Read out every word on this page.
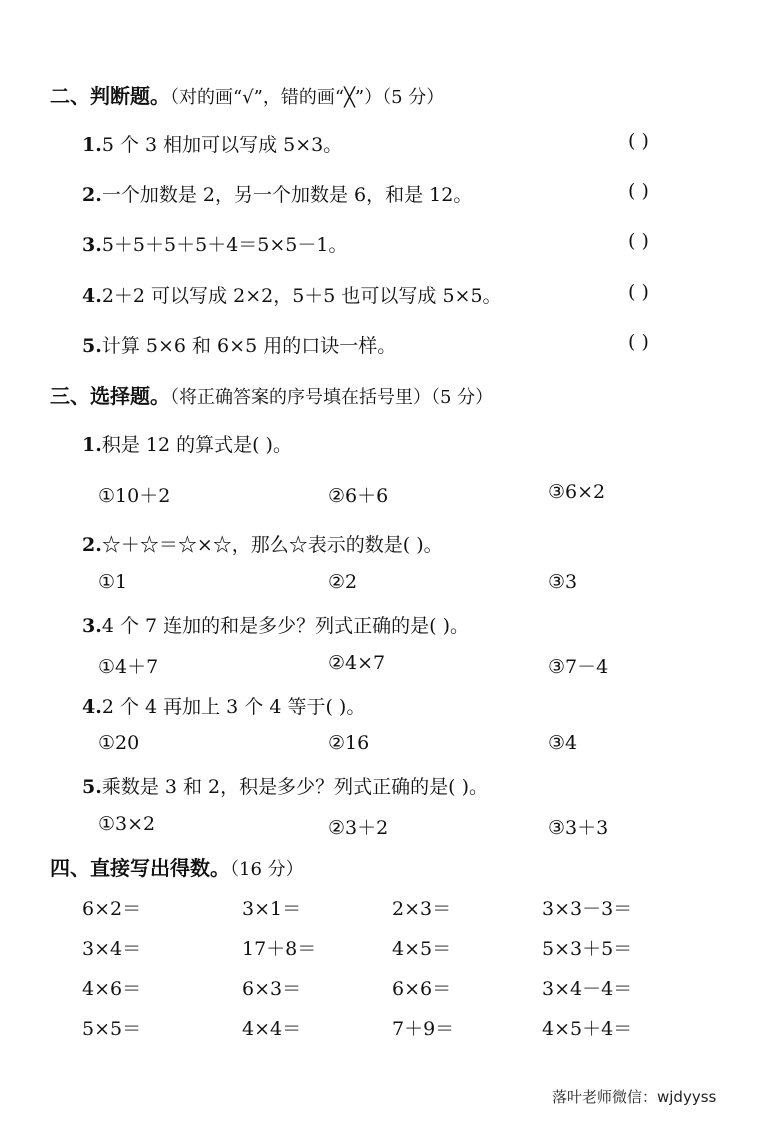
二、判断题。（对的画“√”，错的画“╳”）（5 分）
1.5 个 3 相加可以写成 5×3。	( )
2.一个加数是 2，另一个加数是 6，和是 12。	( )
3.5＋5＋5＋5＋4＝5×5－1。	( )
4.2＋2 可以写成 2×2，5＋5 也可以写成 5×5。	( )
5.计算 5×6 和 6×5 用的口诀一样。	( )
三、选择题。（将正确答案的序号填在括号里）（5 分）
1.积是 12 的算式是( )。
①10＋2	②6＋6	③6×2
2.☆＋☆＝☆×☆，那么☆表示的数是( )。
①1	②2	③3
3.4 个 7 连加的和是多少？列式正确的是( )。
①4＋7	②4×7	③7－4
4.2 个 4 再加上 3 个 4 等于( )。
①20	②16	③4
5.乘数是 3 和 2，积是多少？列式正确的是( )。
①3×2	②3＋2	③3＋3
四、直接写出得数。（16 分）
6×2＝	3×1＝	2×3＝	3×3－3＝
3×4＝	17＋8＝	4×5＝	5×3＋5＝
4×6＝	6×3＝	6×6＝	3×4－4＝
5×5＝	4×4＝	7＋9＝	4×5＋4＝
落叶老师微信：wjdyyss
